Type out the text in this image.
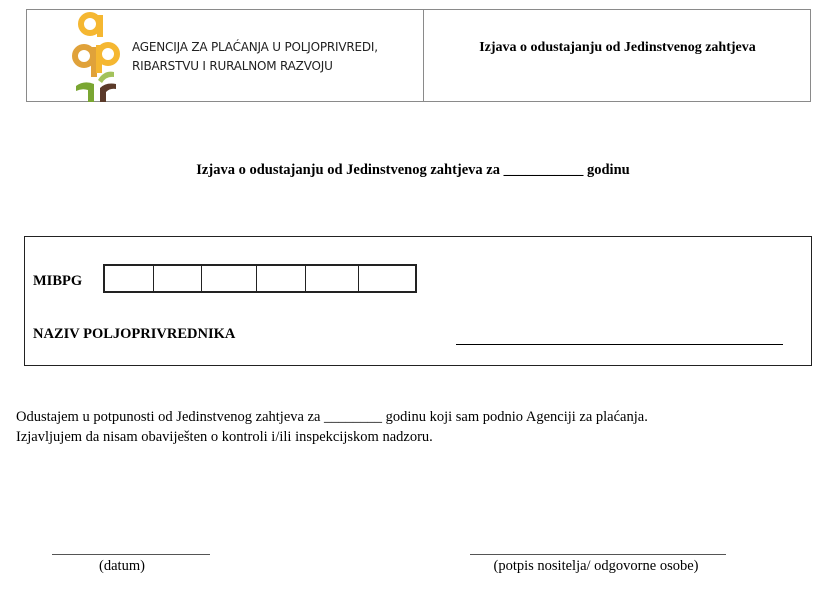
AGENCIJA ZA PLAĆANJA U POLJOPRIVREDI,
RIBARSTVU I RURALNOM RAZVOJU
Izjava o odustajanju od Jedinstvenog zahtjeva
Izjava o odustajanju od Jedinstvenog zahtjeva za ___________ godinu
MIBPG
NAZIV POLJOPRIVREDNIKA
Odustajem u potpunosti od Jedinstvenog zahtjeva za ________ godinu koji sam podnio Agenciji za plaćanja.
Izjavljujem da nisam obaviješten o kontroli i/ili inspekcijskom nadzoru.
(datum)	(potpis nositelja/ odgovorne osobe)
